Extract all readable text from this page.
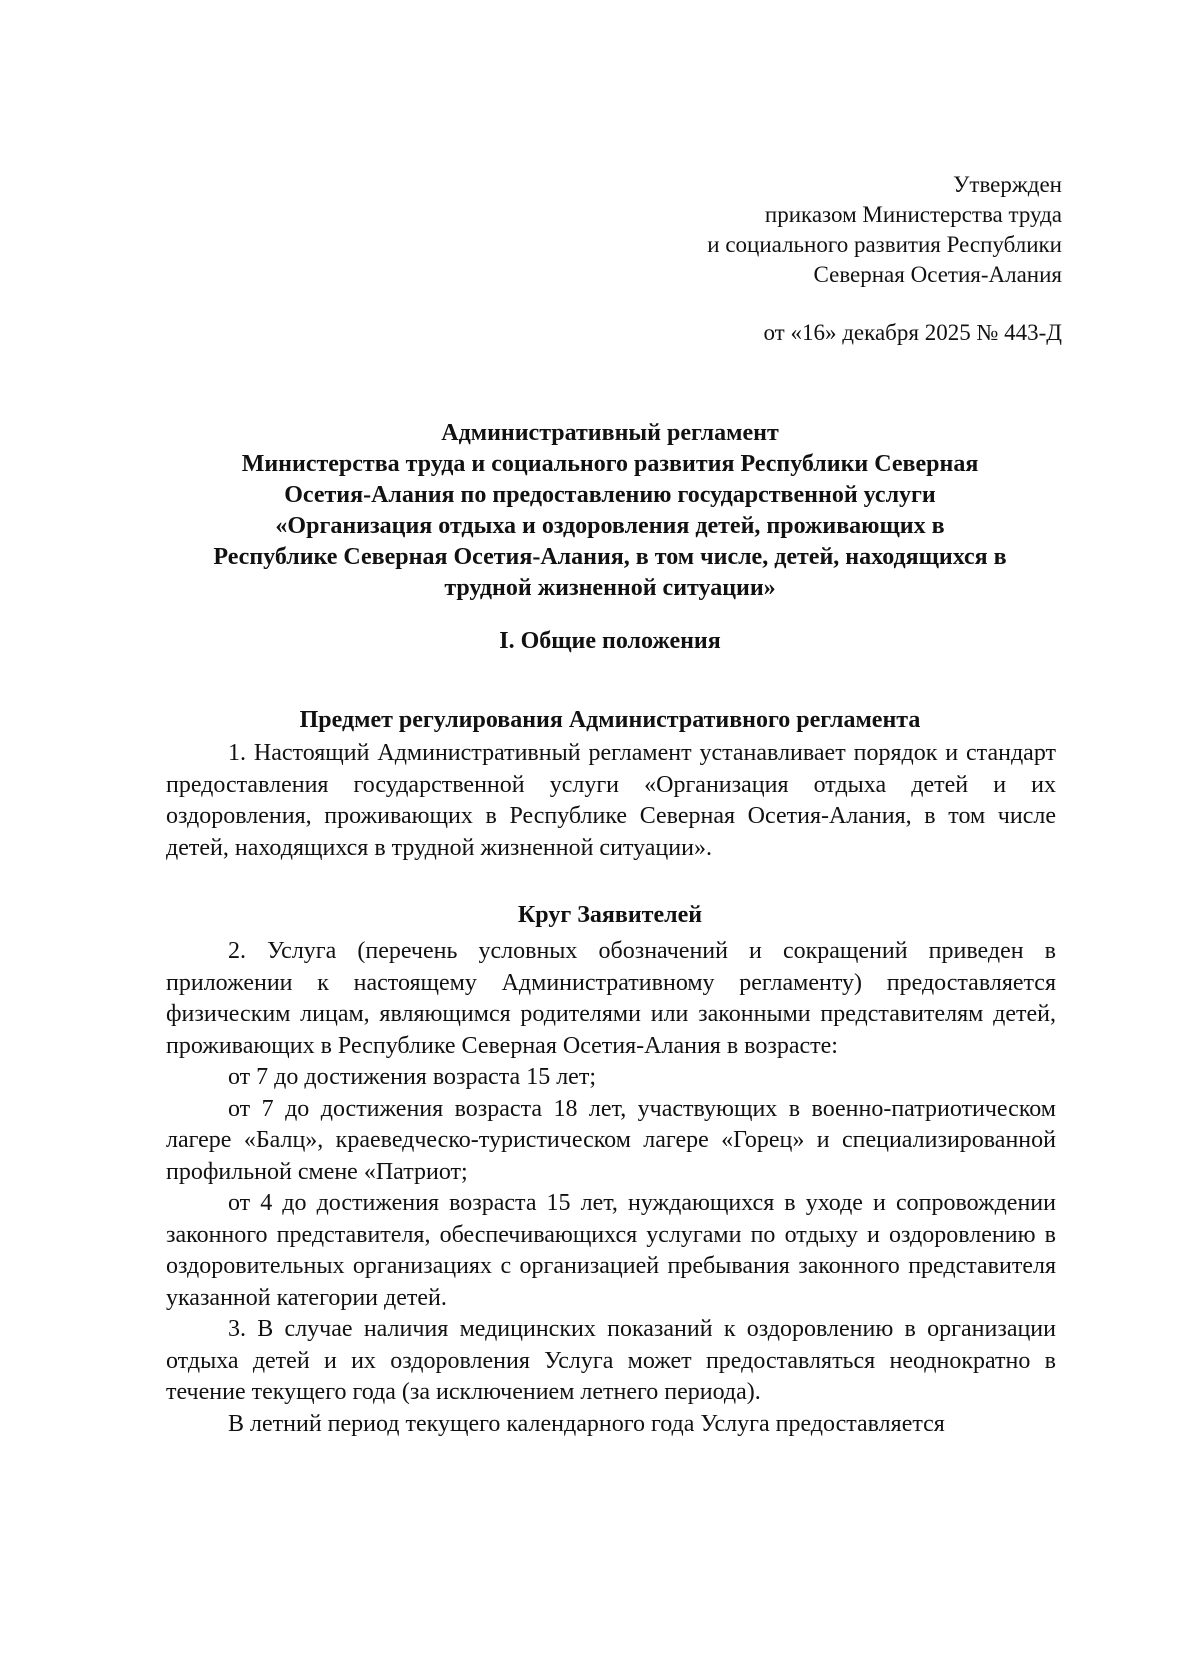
Утвержден
приказом Министерства труда
и социального развития Республики
Северная Осетия-Алания
от «16» декабря 2025 № 443-Д
Административный регламент
Министерства труда и социального развития Республики Северная
Осетия-Алания по предоставлению государственной услуги
«Организация отдыха и оздоровления детей, проживающих в
Республике Северная Осетия-Алания, в том числе, детей, находящихся в
трудной жизненной ситуации»
I. Общие положения
Предмет регулирования Административного регламента

1. Настоящий Административный регламент устанавливает порядок и стандарт предоставления государственной услуги «Организация отдыха детей и их оздоровления, проживающих в Республике Северная Осетия-Алания, в том числе детей, находящихся в трудной жизненной ситуации».

Круг Заявителей

2. Услуга (перечень условных обозначений и сокращений приведен в приложении к настоящему Административному регламенту) предоставляется физическим лицам, являющимся родителями или законными представителям детей, проживающих в Республике Северная Осетия-Алания в возрасте:

от 7 до достижения возраста 15 лет;

от 7 до достижения возраста 18 лет, участвующих в военно-патриотическом лагере «Балц», краеведческо-туристическом лагере «Горец» и специализированной профильной смене «Патриот;

от 4 до достижения возраста 15 лет, нуждающихся в уходе и сопровождении законного представителя, обеспечивающихся услугами по отдыху и оздоровлению в оздоровительных организациях с организацией пребывания законного представителя указанной категории детей.

3. В случае наличия медицинских показаний к оздоровлению в организации отдыха детей и их оздоровления Услуга может предоставляться неоднократно в течение текущего года (за исключением летнего периода).

В летний период текущего календарного года Услуга предоставляется
